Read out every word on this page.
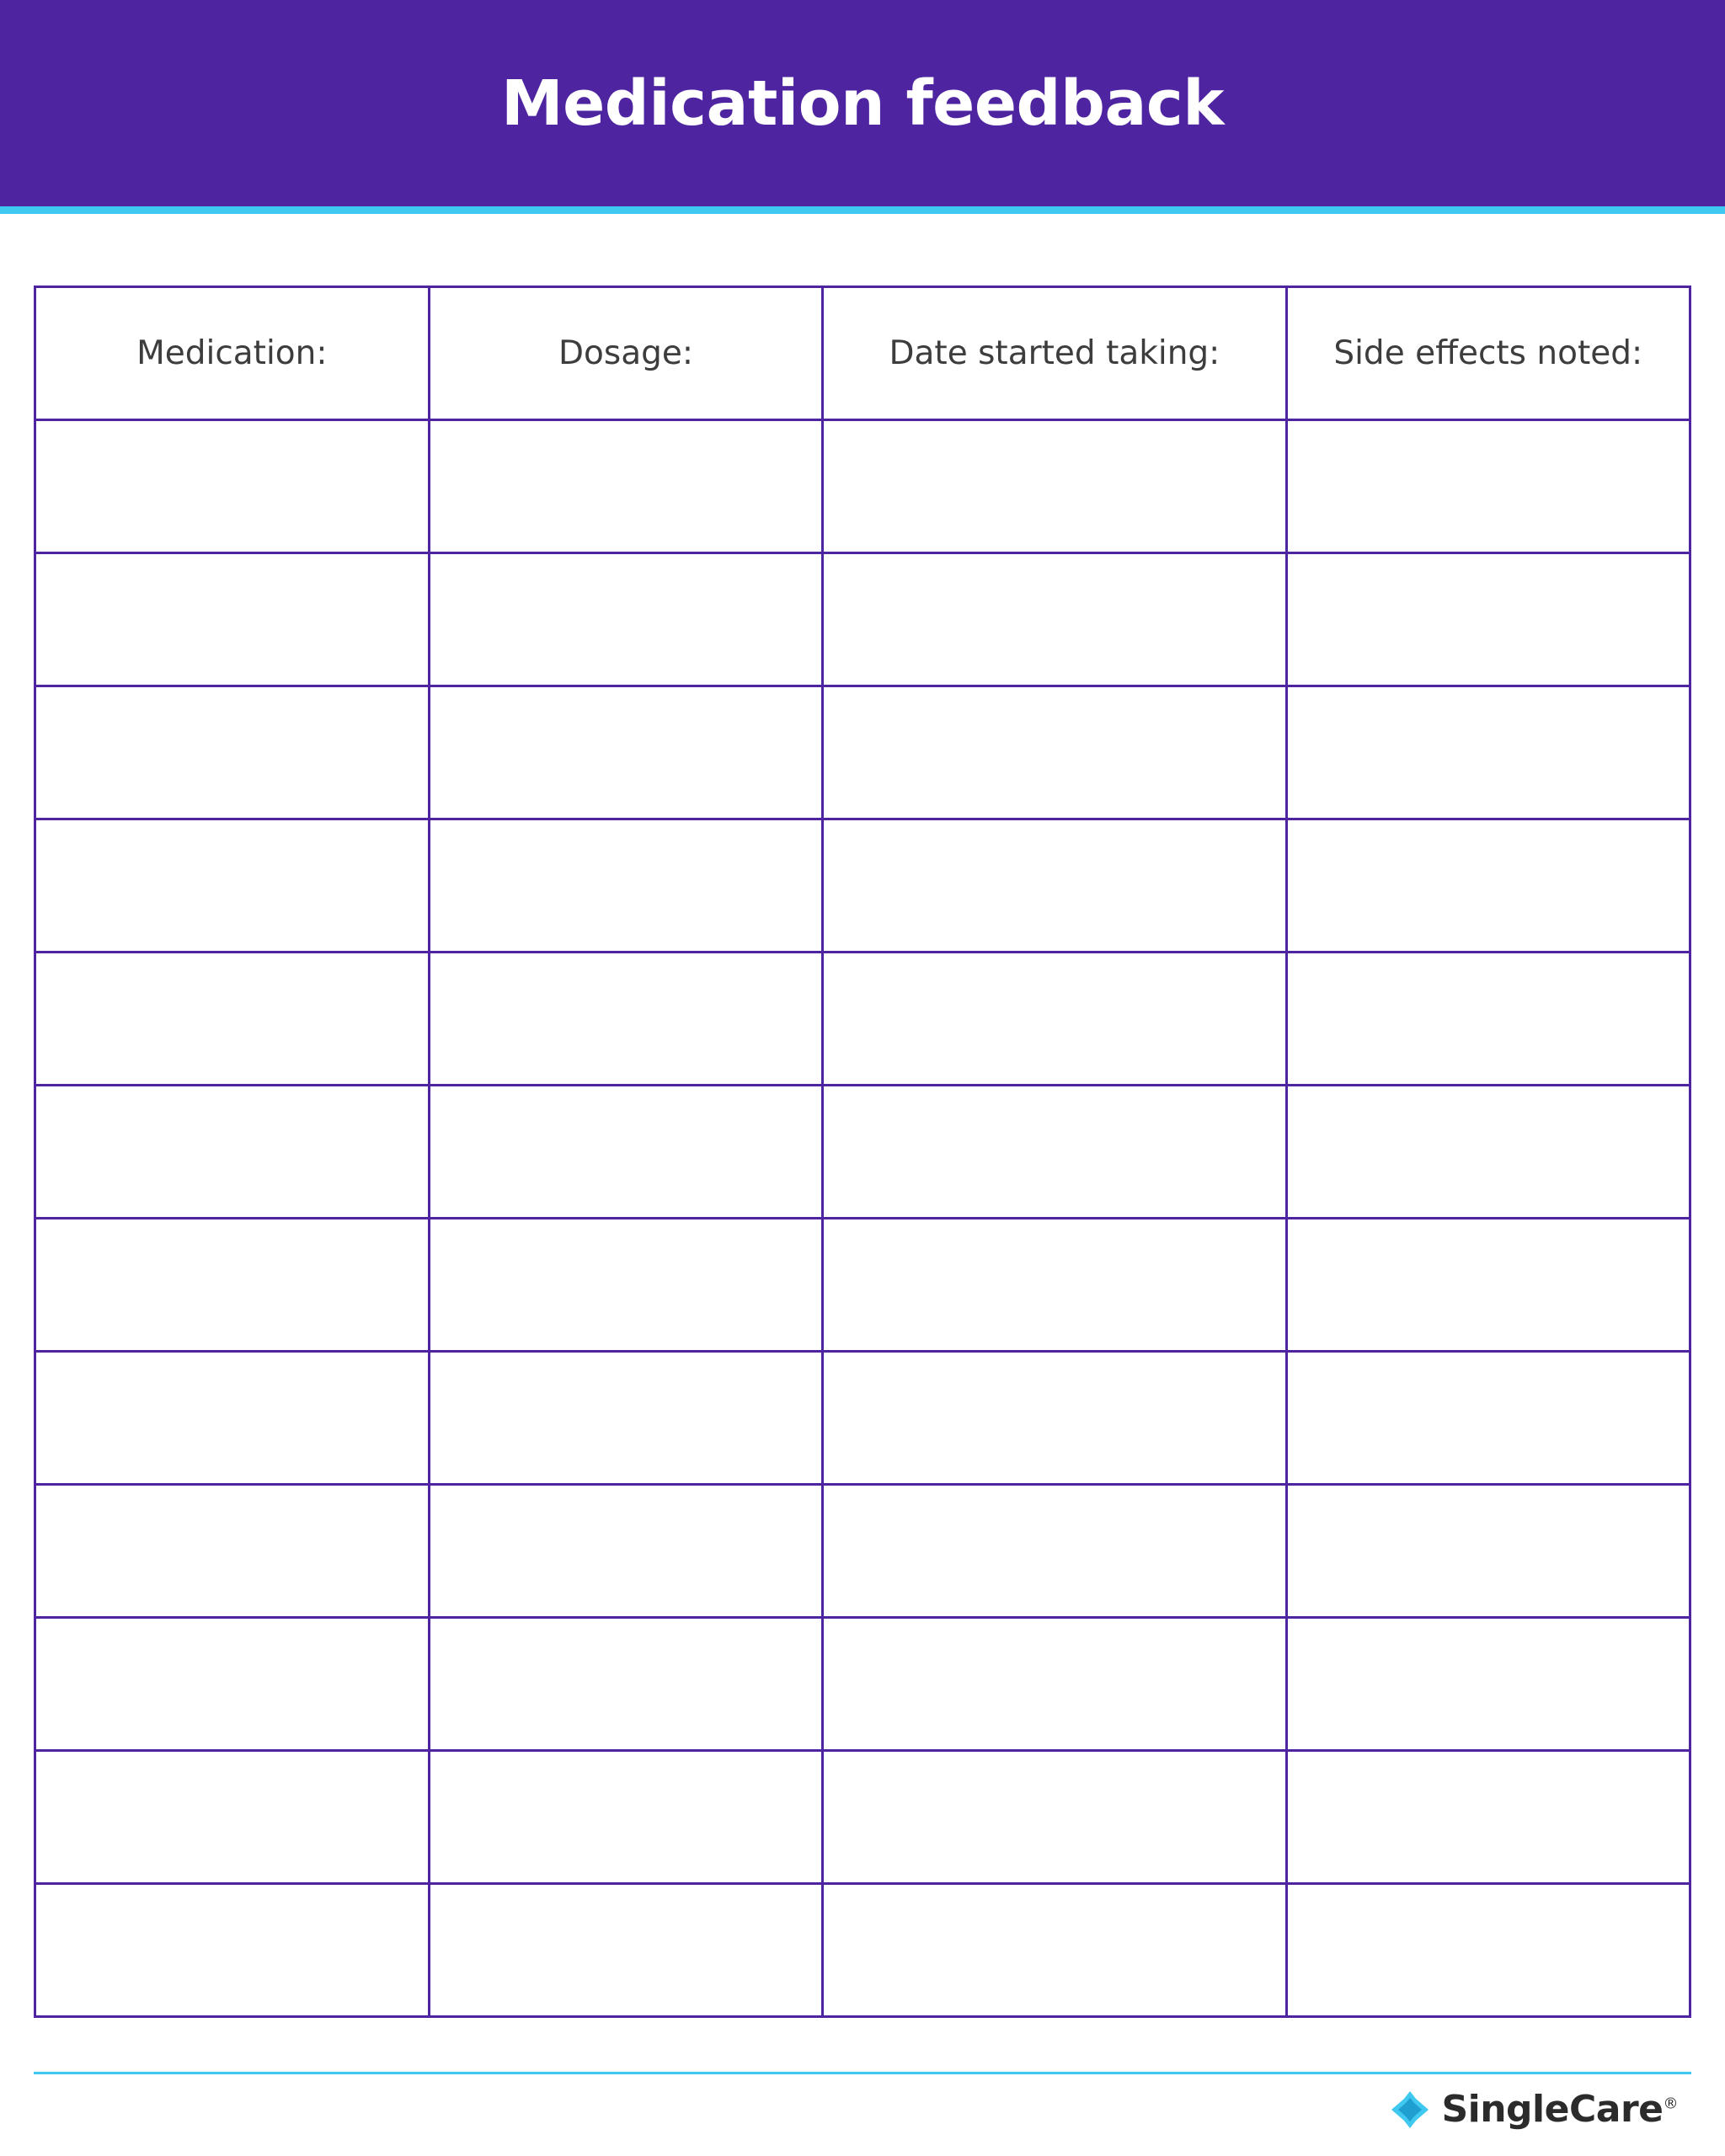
Medication feedback
Medication:	Dosage:	Date started taking:	Side effects noted:

SingleCare®
